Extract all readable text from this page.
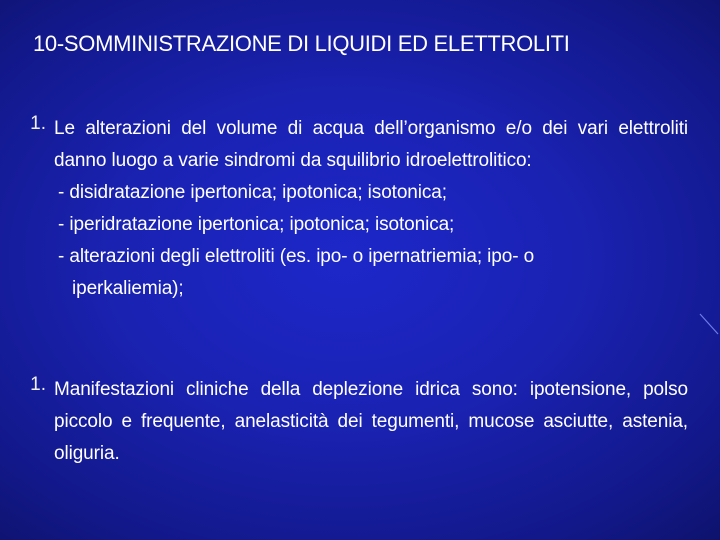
10-SOMMINISTRAZIONE DI LIQUIDI ED ELETTROLITI
1. Le alterazioni del volume di acqua dell’organismo e/o dei vari elettroliti danno luogo a varie sindromi da squilibrio idroelettrolitico:
- disidratazione ipertonica; ipotonica; isotonica;
- iperidratazione ipertonica; ipotonica; isotonica;
- alterazioni degli elettroliti (es. ipo- o ipernatriemia; ipo- o
iperkaliemia);
1. Manifestazioni cliniche della deplezione idrica sono: ipotensione, polso piccolo e frequente, anelasticità dei tegumenti, mucose asciutte, astenia, oliguria.
